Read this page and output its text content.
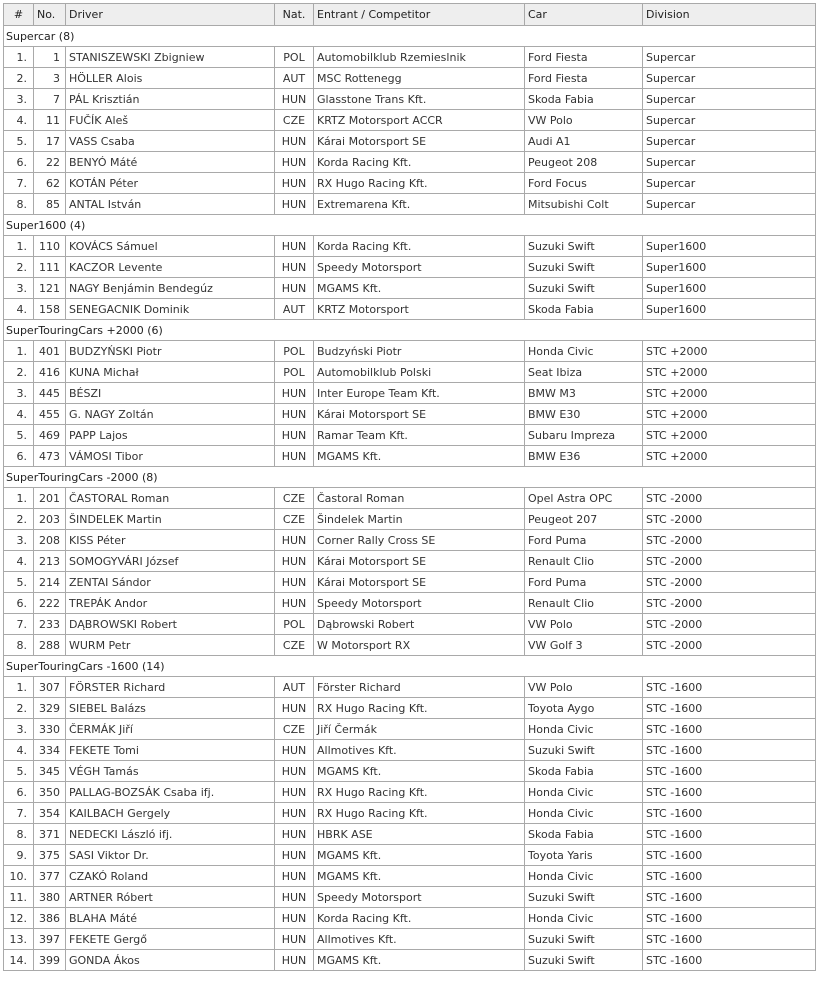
#	No.	Driver	Nat.	Entrant / Competitor	Car	Division
Supercar (8)						
1.	1	STANISZEWSKI Zbigniew	POL	Automobilklub Rzemieslnik	Ford Fiesta	Supercar
2.	3	HÖLLER Alois	AUT	MSC Rottenegg	Ford Fiesta	Supercar
3.	7	PÁL Krisztián	HUN	Glasstone Trans Kft.	Skoda Fabia	Supercar
4.	11	FUČÍK Aleš	CZE	KRTZ Motorsport ACCR	VW Polo	Supercar
5.	17	VASS Csaba	HUN	Kárai Motorsport SE	Audi A1	Supercar
6.	22	BENYÓ Máté	HUN	Korda Racing Kft.	Peugeot 208	Supercar
7.	62	KOTÁN Péter	HUN	RX Hugo Racing Kft.	Ford Focus	Supercar
8.	85	ANTAL István	HUN	Extremarena Kft.	Mitsubishi Colt	Supercar
Super1600 (4)						
1.	110	KOVÁCS Sámuel	HUN	Korda Racing Kft.	Suzuki Swift	Super1600
2.	111	KACZOR Levente	HUN	Speedy Motorsport	Suzuki Swift	Super1600
3.	121	NAGY Benjámin Bendegúz	HUN	MGAMS Kft.	Suzuki Swift	Super1600
4.	158	SENEGACNIK Dominik	AUT	KRTZ Motorsport	Skoda Fabia	Super1600
SuperTouringCars +2000 (6)						
1.	401	BUDZYŃSKI Piotr	POL	Budzyński Piotr	Honda Civic	STC +2000
2.	416	KUNA Michał	POL	Automobilklub Polski	Seat Ibiza	STC +2000
3.	445	BÉSZI	HUN	Inter Europe Team Kft.	BMW M3	STC +2000
4.	455	G. NAGY Zoltán	HUN	Kárai Motorsport SE	BMW E30	STC +2000
5.	469	PAPP Lajos	HUN	Ramar Team Kft.	Subaru Impreza	STC +2000
6.	473	VÁMOSI Tibor	HUN	MGAMS Kft.	BMW E36	STC +2000
SuperTouringCars -2000 (8)						
1.	201	ČASTORAL Roman	CZE	Častoral Roman	Opel Astra OPC	STC -2000
2.	203	ŠINDELEK Martin	CZE	Šindelek Martin	Peugeot 207	STC -2000
3.	208	KISS Péter	HUN	Corner Rally Cross SE	Ford Puma	STC -2000
4.	213	SOMOGYVÁRI József	HUN	Kárai Motorsport SE	Renault Clio	STC -2000
5.	214	ZENTAI Sándor	HUN	Kárai Motorsport SE	Ford Puma	STC -2000
6.	222	TREPÁK Andor	HUN	Speedy Motorsport	Renault Clio	STC -2000
7.	233	DĄBROWSKI Robert	POL	Dąbrowski Robert	VW Polo	STC -2000
8.	288	WURM Petr	CZE	W Motorsport RX	VW Golf 3	STC -2000
SuperTouringCars -1600 (14)						
1.	307	FÖRSTER Richard	AUT	Förster Richard	VW Polo	STC -1600
2.	329	SIEBEL Balázs	HUN	RX Hugo Racing Kft.	Toyota Aygo	STC -1600
3.	330	ČERMÁK Jiří	CZE	Jiří Čermák	Honda Civic	STC -1600
4.	334	FEKETE Tomi	HUN	Allmotives Kft.	Suzuki Swift	STC -1600
5.	345	VÉGH Tamás	HUN	MGAMS Kft.	Skoda Fabia	STC -1600
6.	350	PALLAG-BOZSÁK Csaba ifj.	HUN	RX Hugo Racing Kft.	Honda Civic	STC -1600
7.	354	KAILBACH Gergely	HUN	RX Hugo Racing Kft.	Honda Civic	STC -1600
8.	371	NEDECKI László ifj.	HUN	HBRK ASE	Skoda Fabia	STC -1600
9.	375	SASI Viktor Dr.	HUN	MGAMS Kft.	Toyota Yaris	STC -1600
10.	377	CZAKÓ Roland	HUN	MGAMS Kft.	Honda Civic	STC -1600
11.	380	ARTNER Róbert	HUN	Speedy Motorsport	Suzuki Swift	STC -1600
12.	386	BLAHA Máté	HUN	Korda Racing Kft.	Honda Civic	STC -1600
13.	397	FEKETE Gergő	HUN	Allmotives Kft.	Suzuki Swift	STC -1600
14.	399	GONDA Ákos	HUN	MGAMS Kft.	Suzuki Swift	STC -1600
